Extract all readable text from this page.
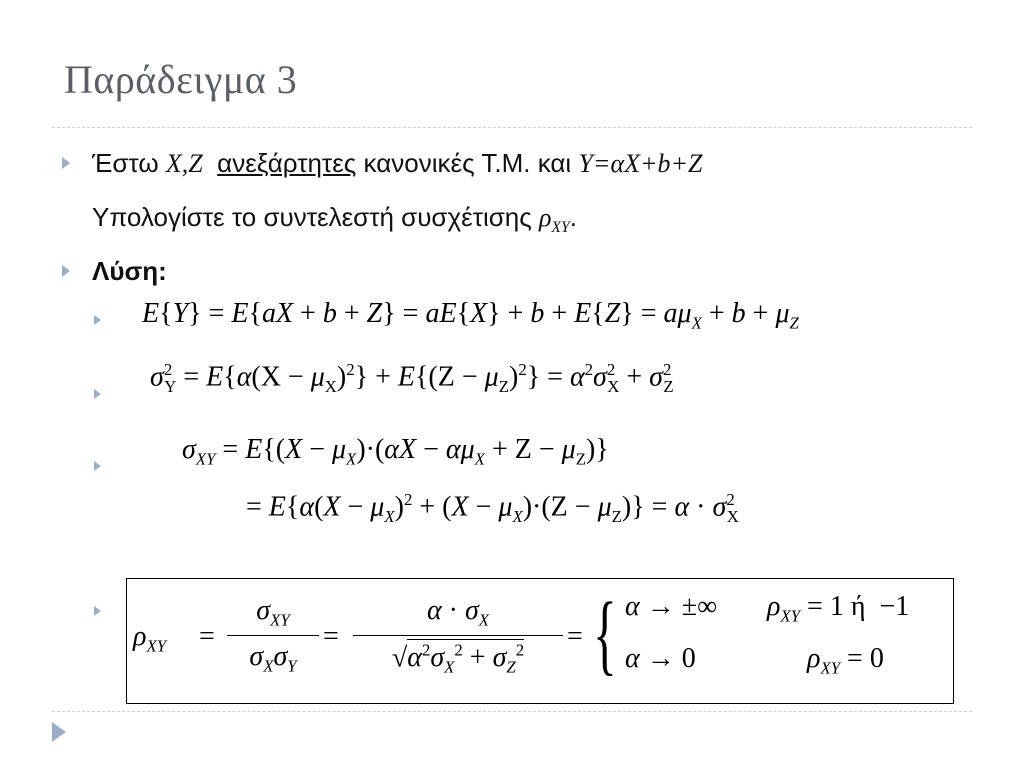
Παράδειγμα 3
Έστω X,Z ανεξάρτητες κανονικές Τ.Μ. και Y=αX+b+Z
Υπολογίστε το συντελεστή συσχέτισης $\rho_{XY}$.
Λύση:
$E\{Y\} = E\{aX + b + Z\} = aE\{X\} + b + E\{Z\} = a\mu_X + b + \mu_Z$
$\sigma^2_Y = E\{\alpha(X - \mu_X)^2\} + E\{(Z - \mu_Z)^2\} = \alpha^2\sigma^2_X + \sigma^2_Z$
$\sigma_{XY} = E\{(X - \mu_X)\cdot(\alpha X - \alpha\mu_X + Z - \mu_Z)\}$
= $E\{\alpha(X - \mu_X)^2 + (X - \mu_X)\cdot(Z - \mu_Z)\} = \alpha \cdot \sigma^2_X$
$\rho_{XY}$ =
$\sigma_{XY}$
$\sigma_X\sigma_Y$
=
$\alpha \cdot \sigma_X$
$√\alpha^2\sigma_X^2 + \sigma_Z^2$	= { α → ±∞ $\rho_{XY} = 1$ ή  −1
α → 0	$\rho_{XY} = 0$
